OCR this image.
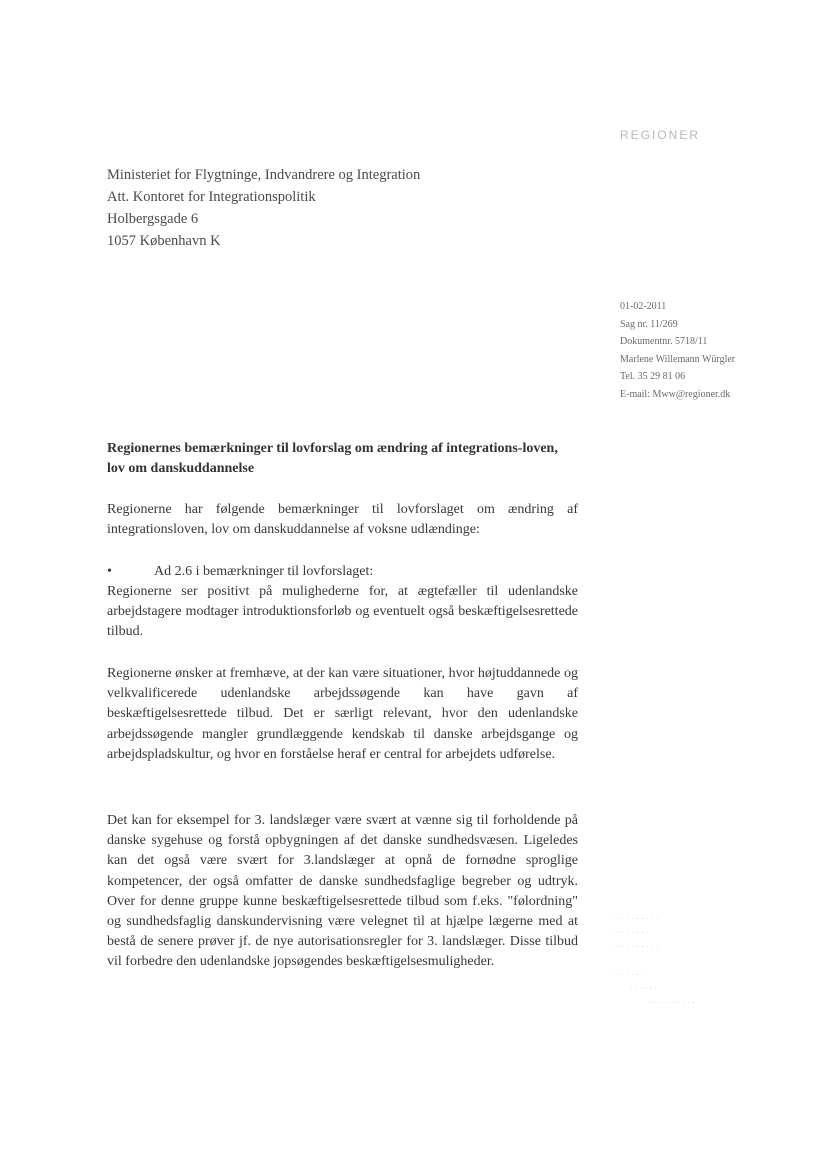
REGIONER
Ministeriet for Flygtninge, Indvandrere og Integration
Att. Kontoret for Integrationspolitik
Holbergsgade 6
1057 København K
01-02-2011
Sag nr. 11/269
Dokumentnr. 5718/11
Marlene Willemann Würgler
Tel. 35 29 81 06
E-mail: Mww@regioner.dk
Regionernes bemærkninger til lovforslag om ændring af integrations-loven, lov om danskuddannelse
Regionerne har følgende bemærkninger til lovforslaget om ændring af integrationsloven, lov om danskuddannelse af voksne udlændinge:
•	Ad 2.6 i bemærkninger til lovforslaget:
Regionerne ser positivt på mulighederne for, at ægtefæller til udenlandske arbejdstagere modtager introduktionsforløb og eventuelt også beskæftigelsesrettede tilbud.
Regionerne ønsker at fremhæve, at der kan være situationer, hvor højtuddannede og velkvalificerede udenlandske arbejdssøgende kan have gavn af beskæftigelsesrettede tilbud. Det er særligt relevant, hvor den udenlandske arbejdssøgende mangler grundlæggende kendskab til danske arbejdsgange og arbejdspladskultur, og hvor en forståelse heraf er central for arbejdets udførelse.
Det kan for eksempel for 3. landslæger være svært at vænne sig til forholdende på danske sygehuse og forstå opbygningen af det danske sundhedsvæsen. Ligeledes kan det også være svært for 3.landslæger at opnå de fornødne sproglige kompetencer, der også omfatter de danske sundhedsfaglige begreber og udtryk. Over for denne gruppe kunne beskæftigelsesrettede tilbud som f.eks. "følordning" og sundhedsfaglig danskundervisning være velegnet til at hjælpe lægerne med at bestå de senere prøver jf. de nye autorisationsregler for 3. landslæger. Disse tilbud vil forbedre den udenlandske jopsøgendes beskæftigelsesmuligheder.
· · · · · · · · · ·
· · · · · · · ·
· · · · · · · · · ·
· · · · · · ·
· · · · · ·
· · · · · · · · · ·
